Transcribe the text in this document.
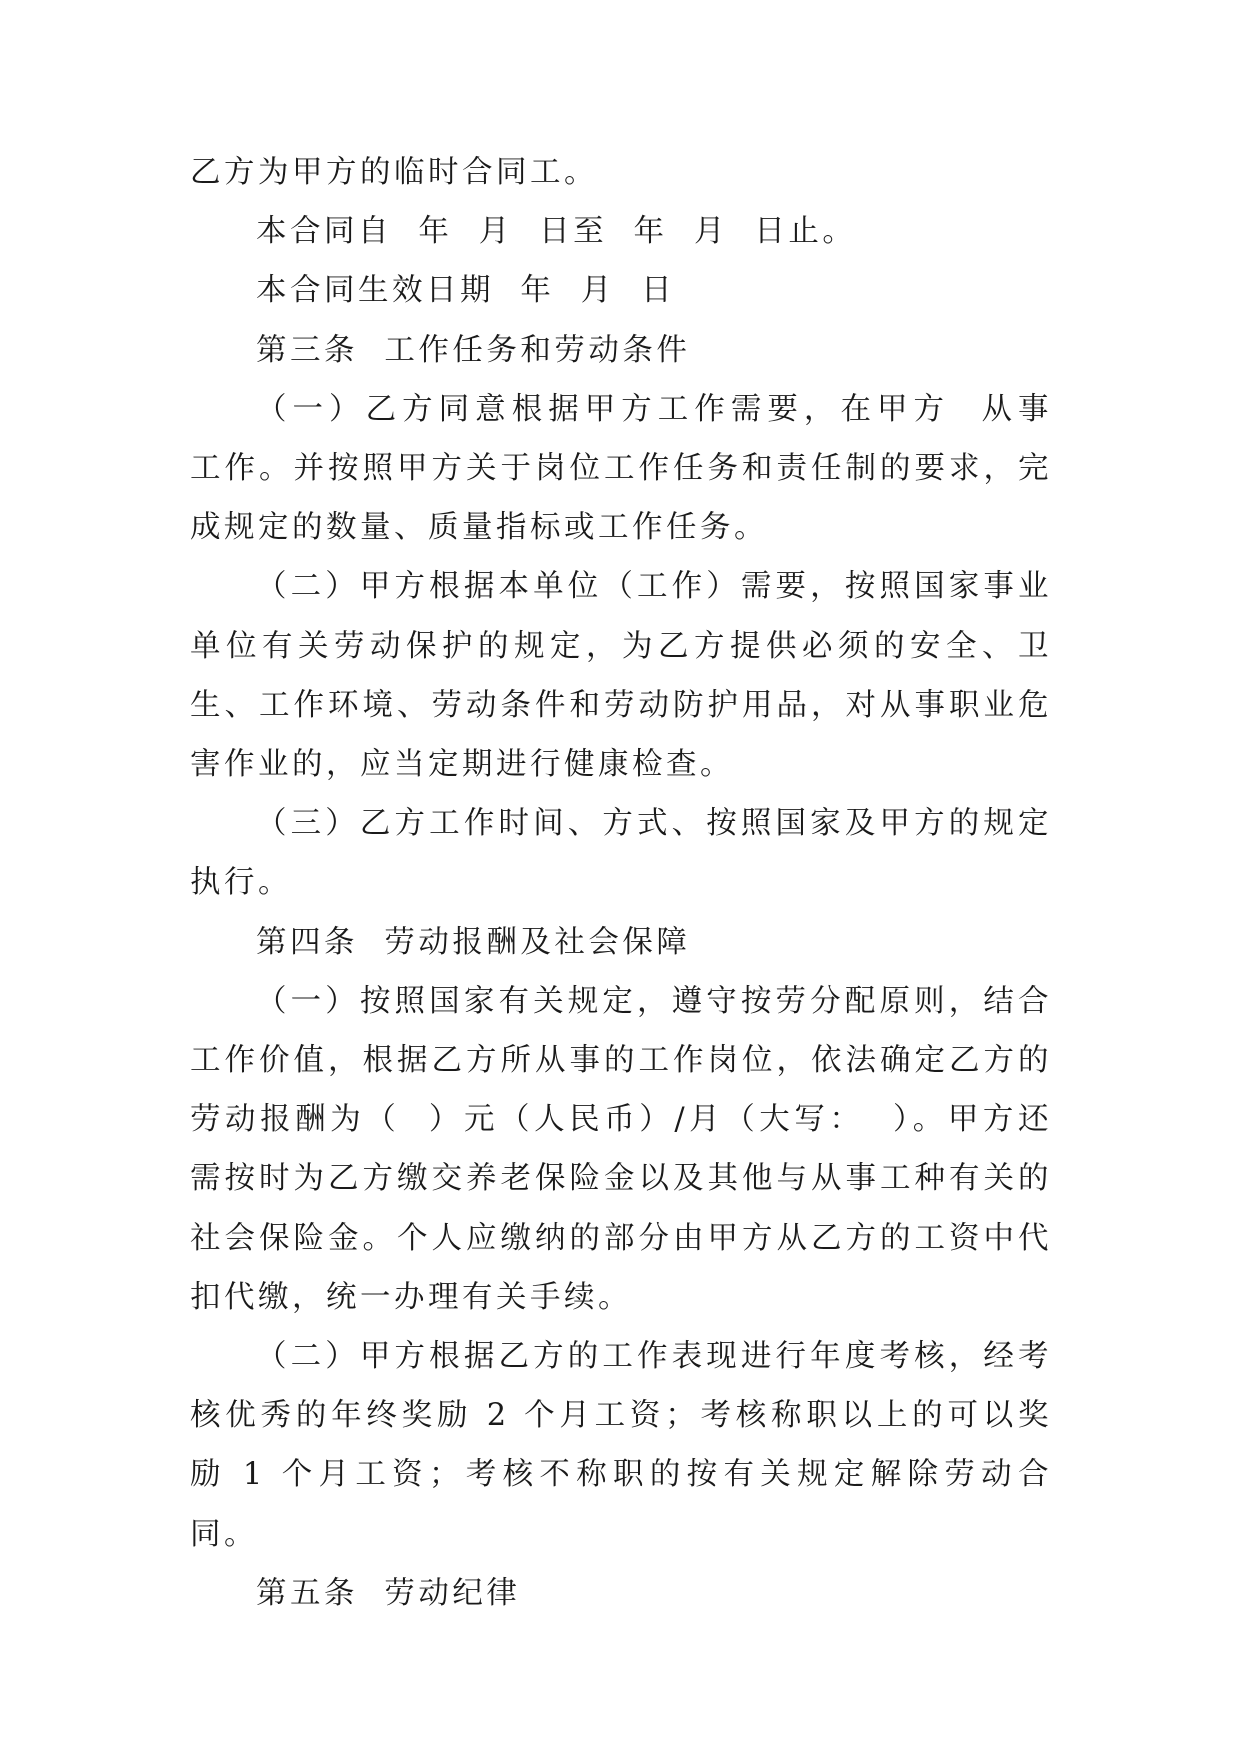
乙方为甲方的临时合同工。

本合同自  年  月  日至  年  月  日止。

本合同生效日期  年  月  日

第三条  工作任务和劳动条件

（一）乙方同意根据甲方工作需要，在甲方  从事  工作。并按照甲方关于岗位工作任务和责任制的要求，完成规定的数量、质量指标或工作任务。

（二）甲方根据本单位（工作）需要，按照国家事业单位有关劳动保护的规定，为乙方提供必须的安全、卫生、工作环境、劳动条件和劳动防护用品，对从事职业危害作业的，应当定期进行健康检查。

（三）乙方工作时间、方式、按照国家及甲方的规定执行。

第四条  劳动报酬及社会保障

（一）按照国家有关规定，遵守按劳分配原则，结合工作价值，根据乙方所从事的工作岗位，依法确定乙方的劳动报酬为（  ）元（人民币）/月（大写：  ）。甲方还需按时为乙方缴交养老保险金以及其他与从事工种有关的社会保险金。个人应缴纳的部分由甲方从乙方的工资中代扣代缴，统一办理有关手续。

（二）甲方根据乙方的工作表现进行年度考核，经考核优秀的年终奖励 2 个月工资；考核称职以上的可以奖励 1 个月工资；考核不称职的按有关规定解除劳动合同。

第五条  劳动纪律
